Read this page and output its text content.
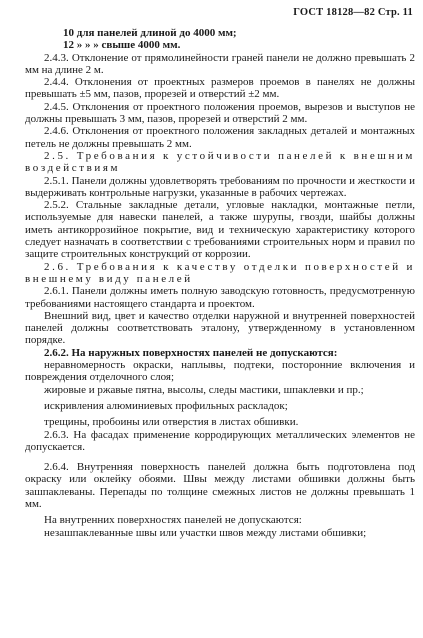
ГОСТ 18128—82 Стр. 11

10 для панелей длиной до 4000 мм;

12 » » » свыше 4000 мм.

2.4.3. Отклонение от прямолинейности граней панели не должно превышать 2 мм на длине 2 м.

2.4.4. Отклонения от проектных размеров проемов в панелях не должны превышать ±5 мм, пазов, прорезей и отверстий ±2 мм.

2.4.5. Отклонения от проектного положения проемов, вырезов и выступов не должны превышать 3 мм, пазов, прорезей и отверстий 2 мм.

2.4.6. Отклонения от проектного положения закладных деталей и монтажных петель не должны превышать 2 мм.

2.5. Требования к устойчивости панелей к внешним воздействиям

2.5.1. Панели должны удовлетворять требованиям по прочности и жесткости и выдерживать контрольные нагрузки, указанные в рабочих чертежах.

2.5.2. Стальные закладные детали, угловые накладки, монтажные петли, используемые для навески панелей, а также шурупы, гвозди, шайбы должны иметь антикоррозийное покрытие, вид и техническую характеристику которого следует назначать в соответствии с требованиями строительных норм и правил по защите строительных конструкций от коррозии.

2.6. Требования к качеству отделки поверхностей и внешнему виду панелей

2.6.1. Панели должны иметь полную заводскую готовность, предусмотренную требованиями настоящего стандарта и проектом.

Внешний вид, цвет и качество отделки наружной и внутренней поверхностей панелей должны соответствовать эталону, утвержденному в установленном порядке.

2.6.2. На наружных поверхностях панелей не допускаются:

неравномерность окраски, наплывы, подтеки, посторонние включения и повреждения отделочного слоя;

жировые и ржавые пятна, высолы, следы мастики, шпаклевки и пр.;

искривления алюминиевых профильных раскладок;

трещины, пробоины или отверстия в листах обшивки.

2.6.3. На фасадах применение корродирующих металлических элементов не допускается.

2.6.4. Внутренняя поверхность панелей должна быть подготовлена под окраску или оклейку обоями. Швы между листами обшивки должны быть зашпаклеваны. Перепады по толщине смежных листов не должны превышать 1 мм.

На внутренних поверхностях панелей не допускаются:

незашпаклеванные швы или участки швов между листами обшивки;
